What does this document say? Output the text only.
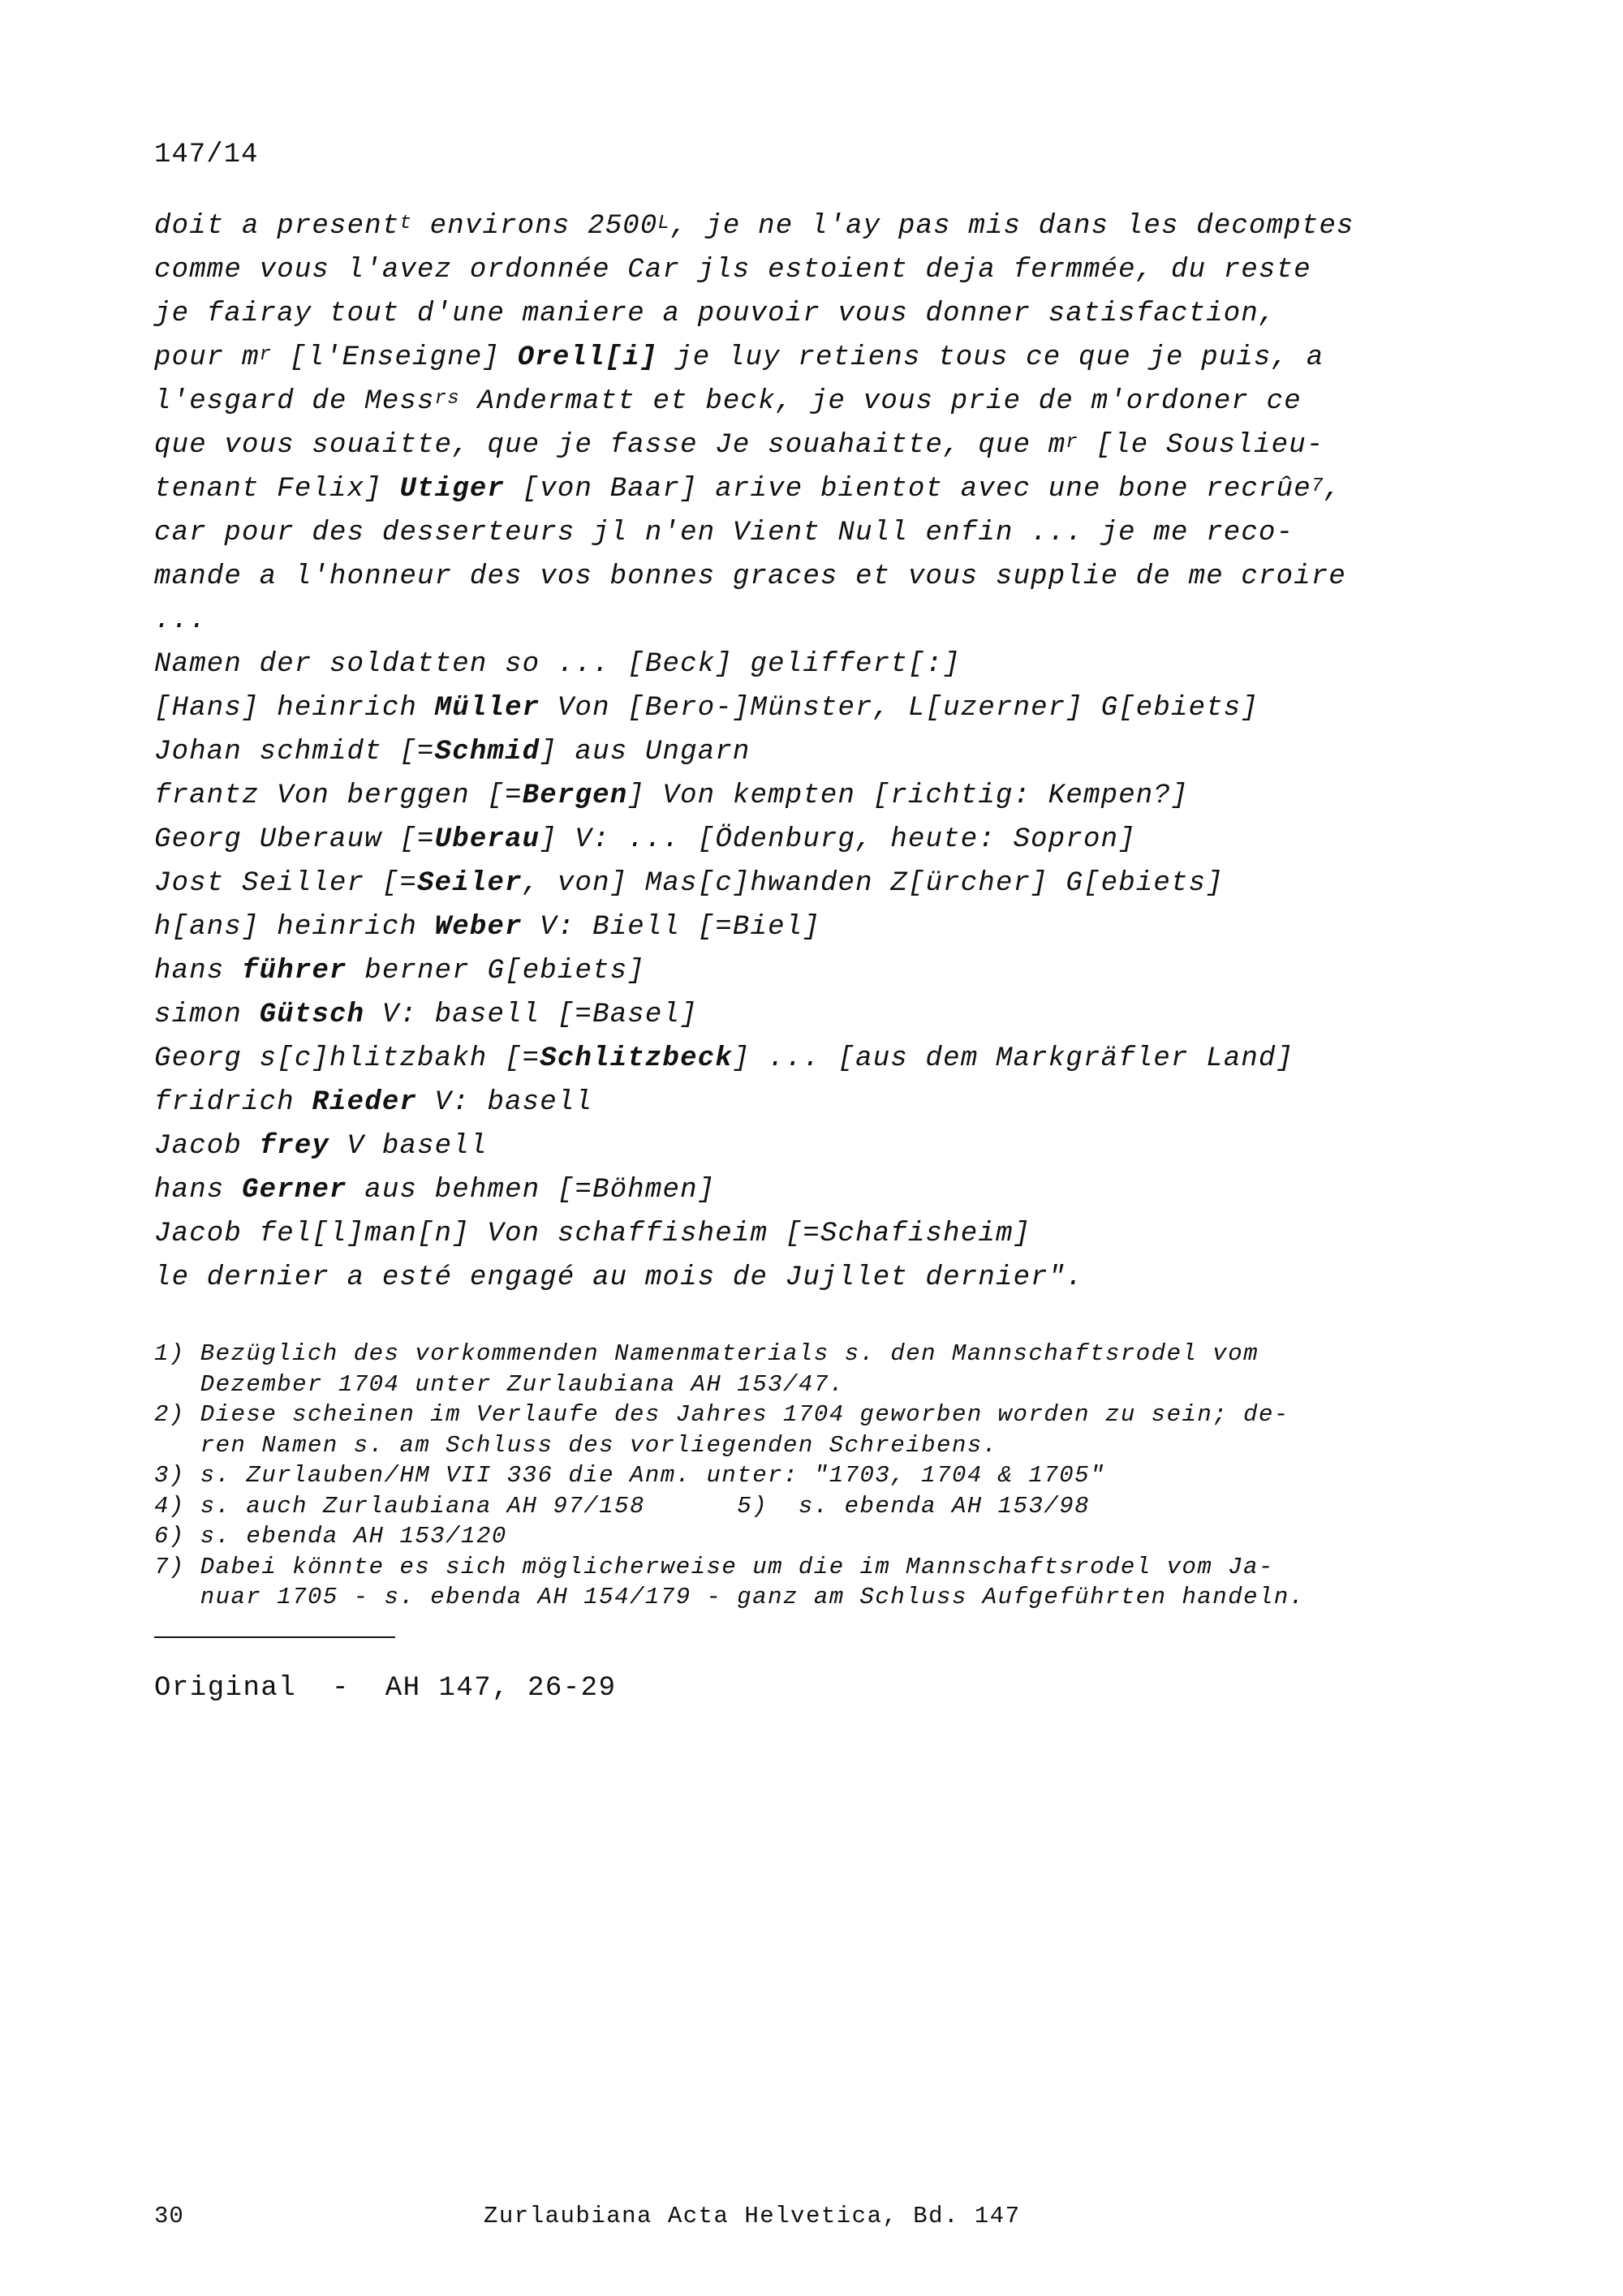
147/14
doit a present$^t$ environs $2500^L$, je ne l'ay pas mis dans les decomptes
comme vous l'avez ordonnée Car jls estoient deja fermmée, du reste
je fairay tout d'une maniere a pouvoir vous donner satisfaction,
pour $m^r$ [l'Enseigne] Orell[i] je luy retiens tous ce que je puis, a
l'esgard de Mess$^{rs}$ Andermatt et beck, je vous prie de m'ordoner ce
que vous souaitte, que je fasse Je souahaitte, que $m^r$ [le Souslieu-
tenant Felix] Utiger [von Baar] arive bientot avec une bone recrûe$^7$,
car pour des desserteurs jl n'en Vient Null enfin ... je me reco-
mande a l'honneur des vos bonnes graces et vous supplie de me croire
...
Namen der soldatten so ... [Beck] geliffert[:]
[Hans] heinrich Müller Von [Bero-]Münster, L[uzerner] G[ebiets]
Johan schmidt [=Schmid] aus Ungarn
frantz Von berggen [=Bergen] Von kempten [richtig: Kempen?]
Georg Uberauw [=Uberau] V: ... [Ödenburg, heute: Sopron]
Jost Seiller [=Seiler, von] Mas[c]hwanden Z[ürcher] G[ebiets]
h[ans] heinrich Weber V: Biell [=Biel]
hans führer berner G[ebiets]
simon Gütsch V: basell [=Basel]
Georg s[c]hlitzbakh [=Schlitzbeck] ... [aus dem Markgräfler Land]
fridrich Rieder V: basell
Jacob frey V basell
hans Gerner aus behmen [=Böhmen]
Jacob fel[l]man[n] Von schaffisheim [=Schafisheim]
le dernier a esté engagé au mois de Jujllet dernier".
1) Bezüglich des vorkommenden Namenmaterials s. den Mannschaftsrodel vom
Dezember 1704 unter Zurlaubiana AH 153/47.
2) Diese scheinen im Verlaufe des Jahres 1704 geworben worden zu sein; de-
ren Namen s. am Schluss des vorliegenden Schreibens.
3) s. Zurlauben/HM VII 336 die Anm. unter: "1703, 1704 & 1705"
4) s. auch Zurlaubiana AH 97/158      5)  s. ebenda AH 153/98
6) s. ebenda AH 153/120
7) Dabei könnte es sich möglicherweise um die im Mannschaftsrodel vom Ja-
nuar 1705 - s. ebenda AH 154/179 - ganz am Schluss Aufgeführten handeln.
Original  -  AH 147, 26-29
30	Zurlaubiana Acta Helvetica, Bd. 147
